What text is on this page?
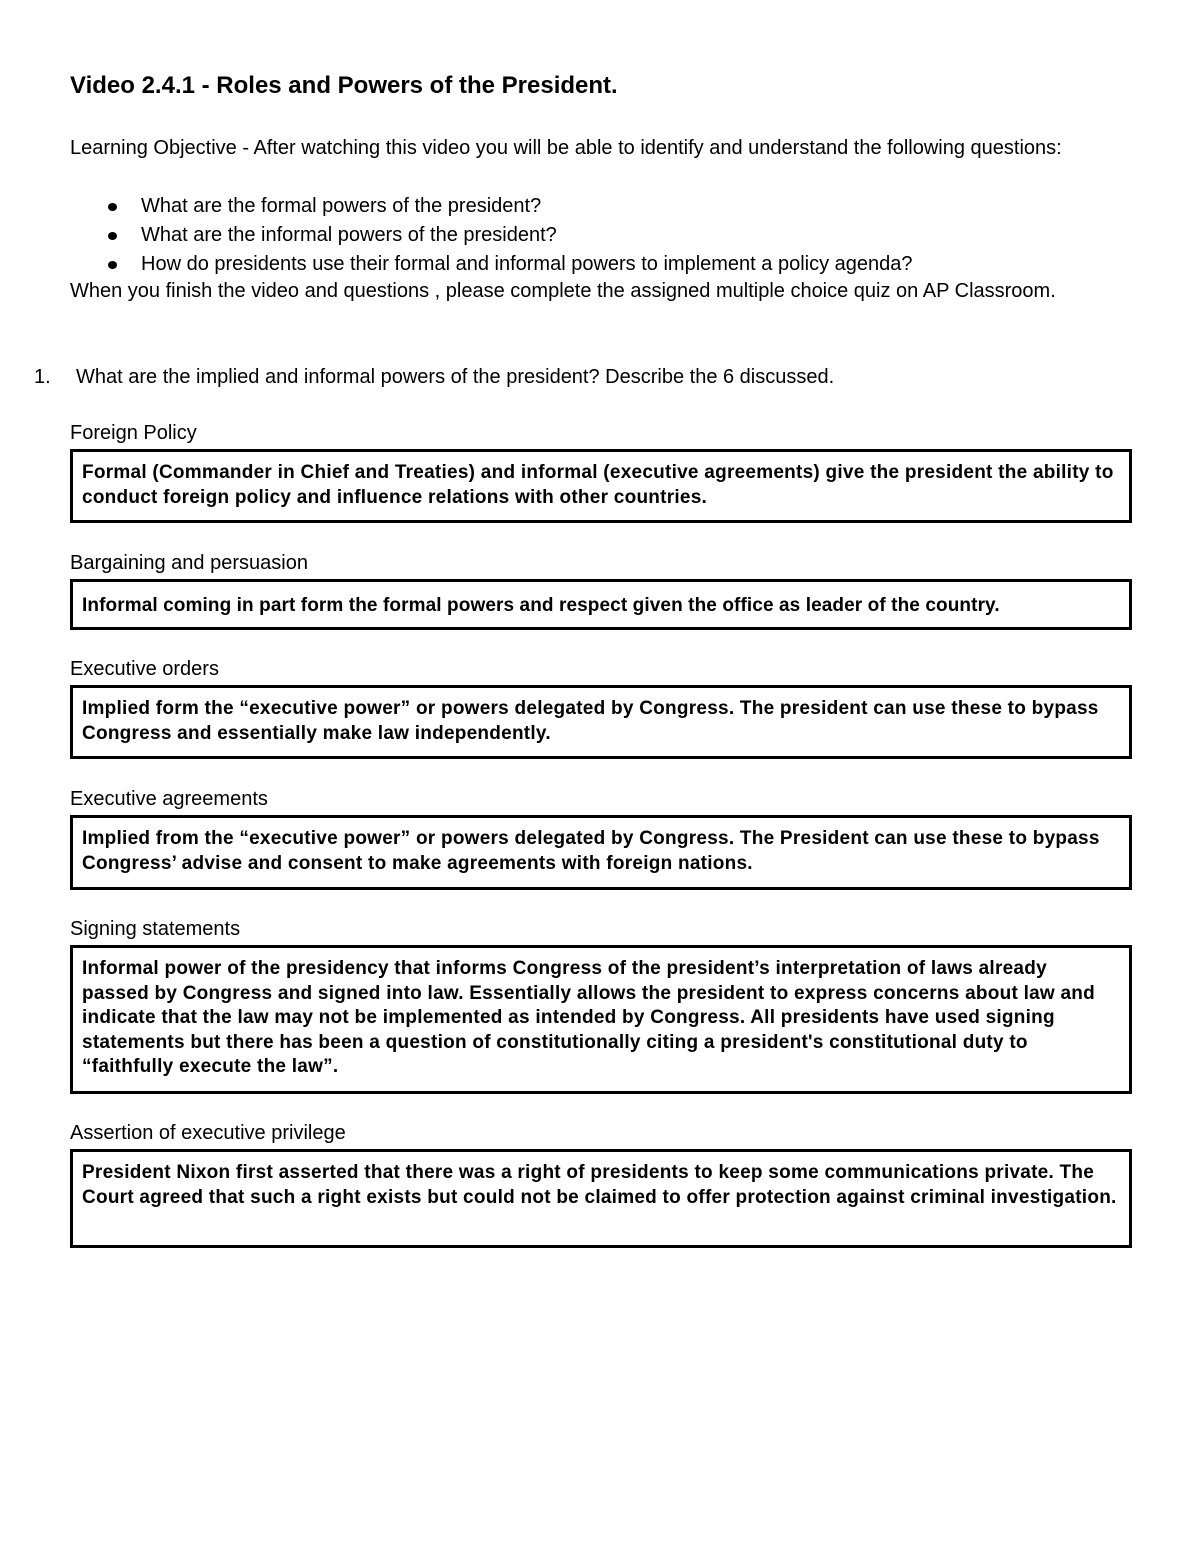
Video 2.4.1 - Roles and Powers of the President.
Learning Objective - After watching this video you will be able to identify and understand the following questions:
What are the formal powers of the president?
What are the informal powers of the president?
How do presidents use their formal and informal powers to implement a policy agenda?
When you finish the video and questions , please complete the assigned multiple choice quiz on AP Classroom.
1. What are the implied and informal powers of the president? Describe the 6 discussed.
Foreign Policy
Formal (Commander in Chief and Treaties) and informal (executive agreements) give the president the ability to conduct foreign policy and influence relations with other countries.
Bargaining and persuasion
Informal coming in part form the formal powers and respect given the office as leader of the country.
Executive orders
Implied form the “executive power” or powers delegated by Congress. The president can use these to bypass Congress and essentially make law independently.
Executive agreements
Implied from the “executive power” or powers delegated by Congress. The President can use these to bypass Congress’ advise and consent to make agreements with foreign nations.
Signing statements
Informal power of the presidency that informs Congress of the president’s interpretation of laws already passed by Congress and signed into law. Essentially allows the president to express concerns about law and indicate that the law may not be implemented as intended by Congress. All presidents have used signing statements but there has been a question of constitutionally citing a president's constitutional duty to “faithfully execute the law”.
Assertion of executive privilege
President Nixon first asserted that there was a right of presidents to keep some communications private. The Court agreed that such a right exists but could not be claimed to offer protection against criminal investigation.
